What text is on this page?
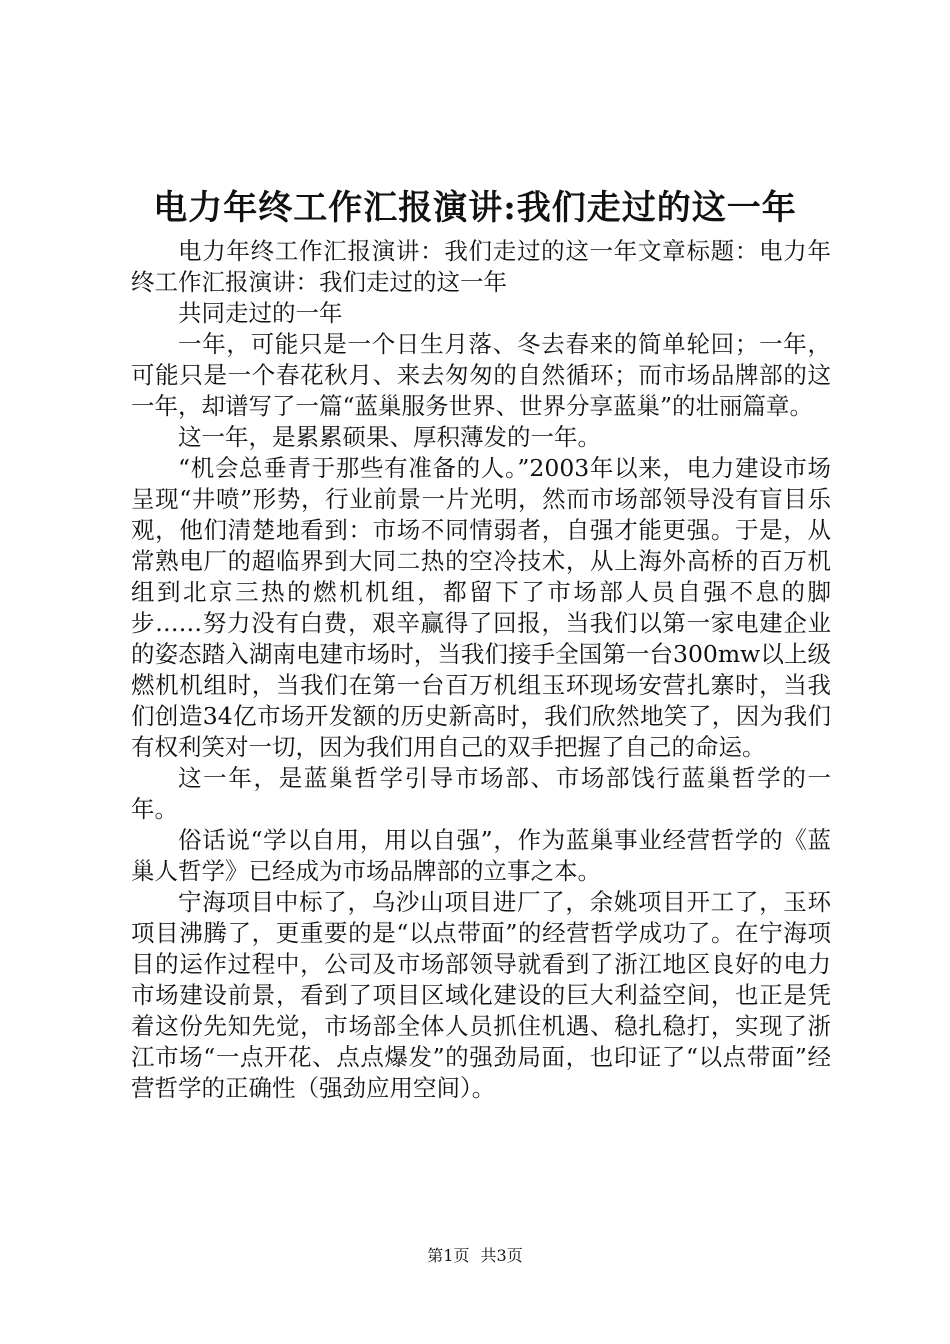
电力年终工作汇报演讲:我们走过的这一年

电力年终工作汇报演讲：我们走过的这一年文章标题：电力年终工作汇报演讲：我们走过的这一年

共同走过的一年

一年，可能只是一个日生月落、冬去春来的简单轮回；一年，可能只是一个春花秋月、来去匆匆的自然循环；而市场品牌部的这一年，却谱写了一篇“蓝巢服务世界、世界分享蓝巢”的壮丽篇章。

这一年，是累累硕果、厚积薄发的一年。

“机会总垂青于那些有准备的人。”2003年以来，电力建设市场呈现“井喷”形势，行业前景一片光明，然而市场部领导没有盲目乐观，他们清楚地看到：市场不同情弱者，自强才能更强。于是，从常熟电厂的超临界到大同二热的空冷技术，从上海外高桥的百万机组到北京三热的燃机机组，都留下了市场部人员自强不息的脚步……努力没有白费，艰辛赢得了回报，当我们以第一家电建企业的姿态踏入湖南电建市场时，当我们接手全国第一台300mw以上级燃机机组时，当我们在第一台百万机组玉环现场安营扎寨时，当我们创造34亿市场开发额的历史新高时，我们欣然地笑了，因为我们有权利笑对一切，因为我们用自己的双手把握了自己的命运。

这一年，是蓝巢哲学引导市场部、市场部饯行蓝巢哲学的一年。

俗话说“学以自用，用以自强”，作为蓝巢事业经营哲学的《蓝巢人哲学》已经成为市场品牌部的立事之本。

宁海项目中标了，乌沙山项目进厂了，余姚项目开工了，玉环项目沸腾了，更重要的是“以点带面”的经营哲学成功了。在宁海项目的运作过程中，公司及市场部领导就看到了浙江地区良好的电力市场建设前景，看到了项目区域化建设的巨大利益空间，也正是凭着这份先知先觉，市场部全体人员抓住机遇、稳扎稳打，实现了浙江市场“一点开花、点点爆发”的强劲局面，也印证了“以点带面”经营哲学的正确性（强劲应用空间）。

第1页 共3页
